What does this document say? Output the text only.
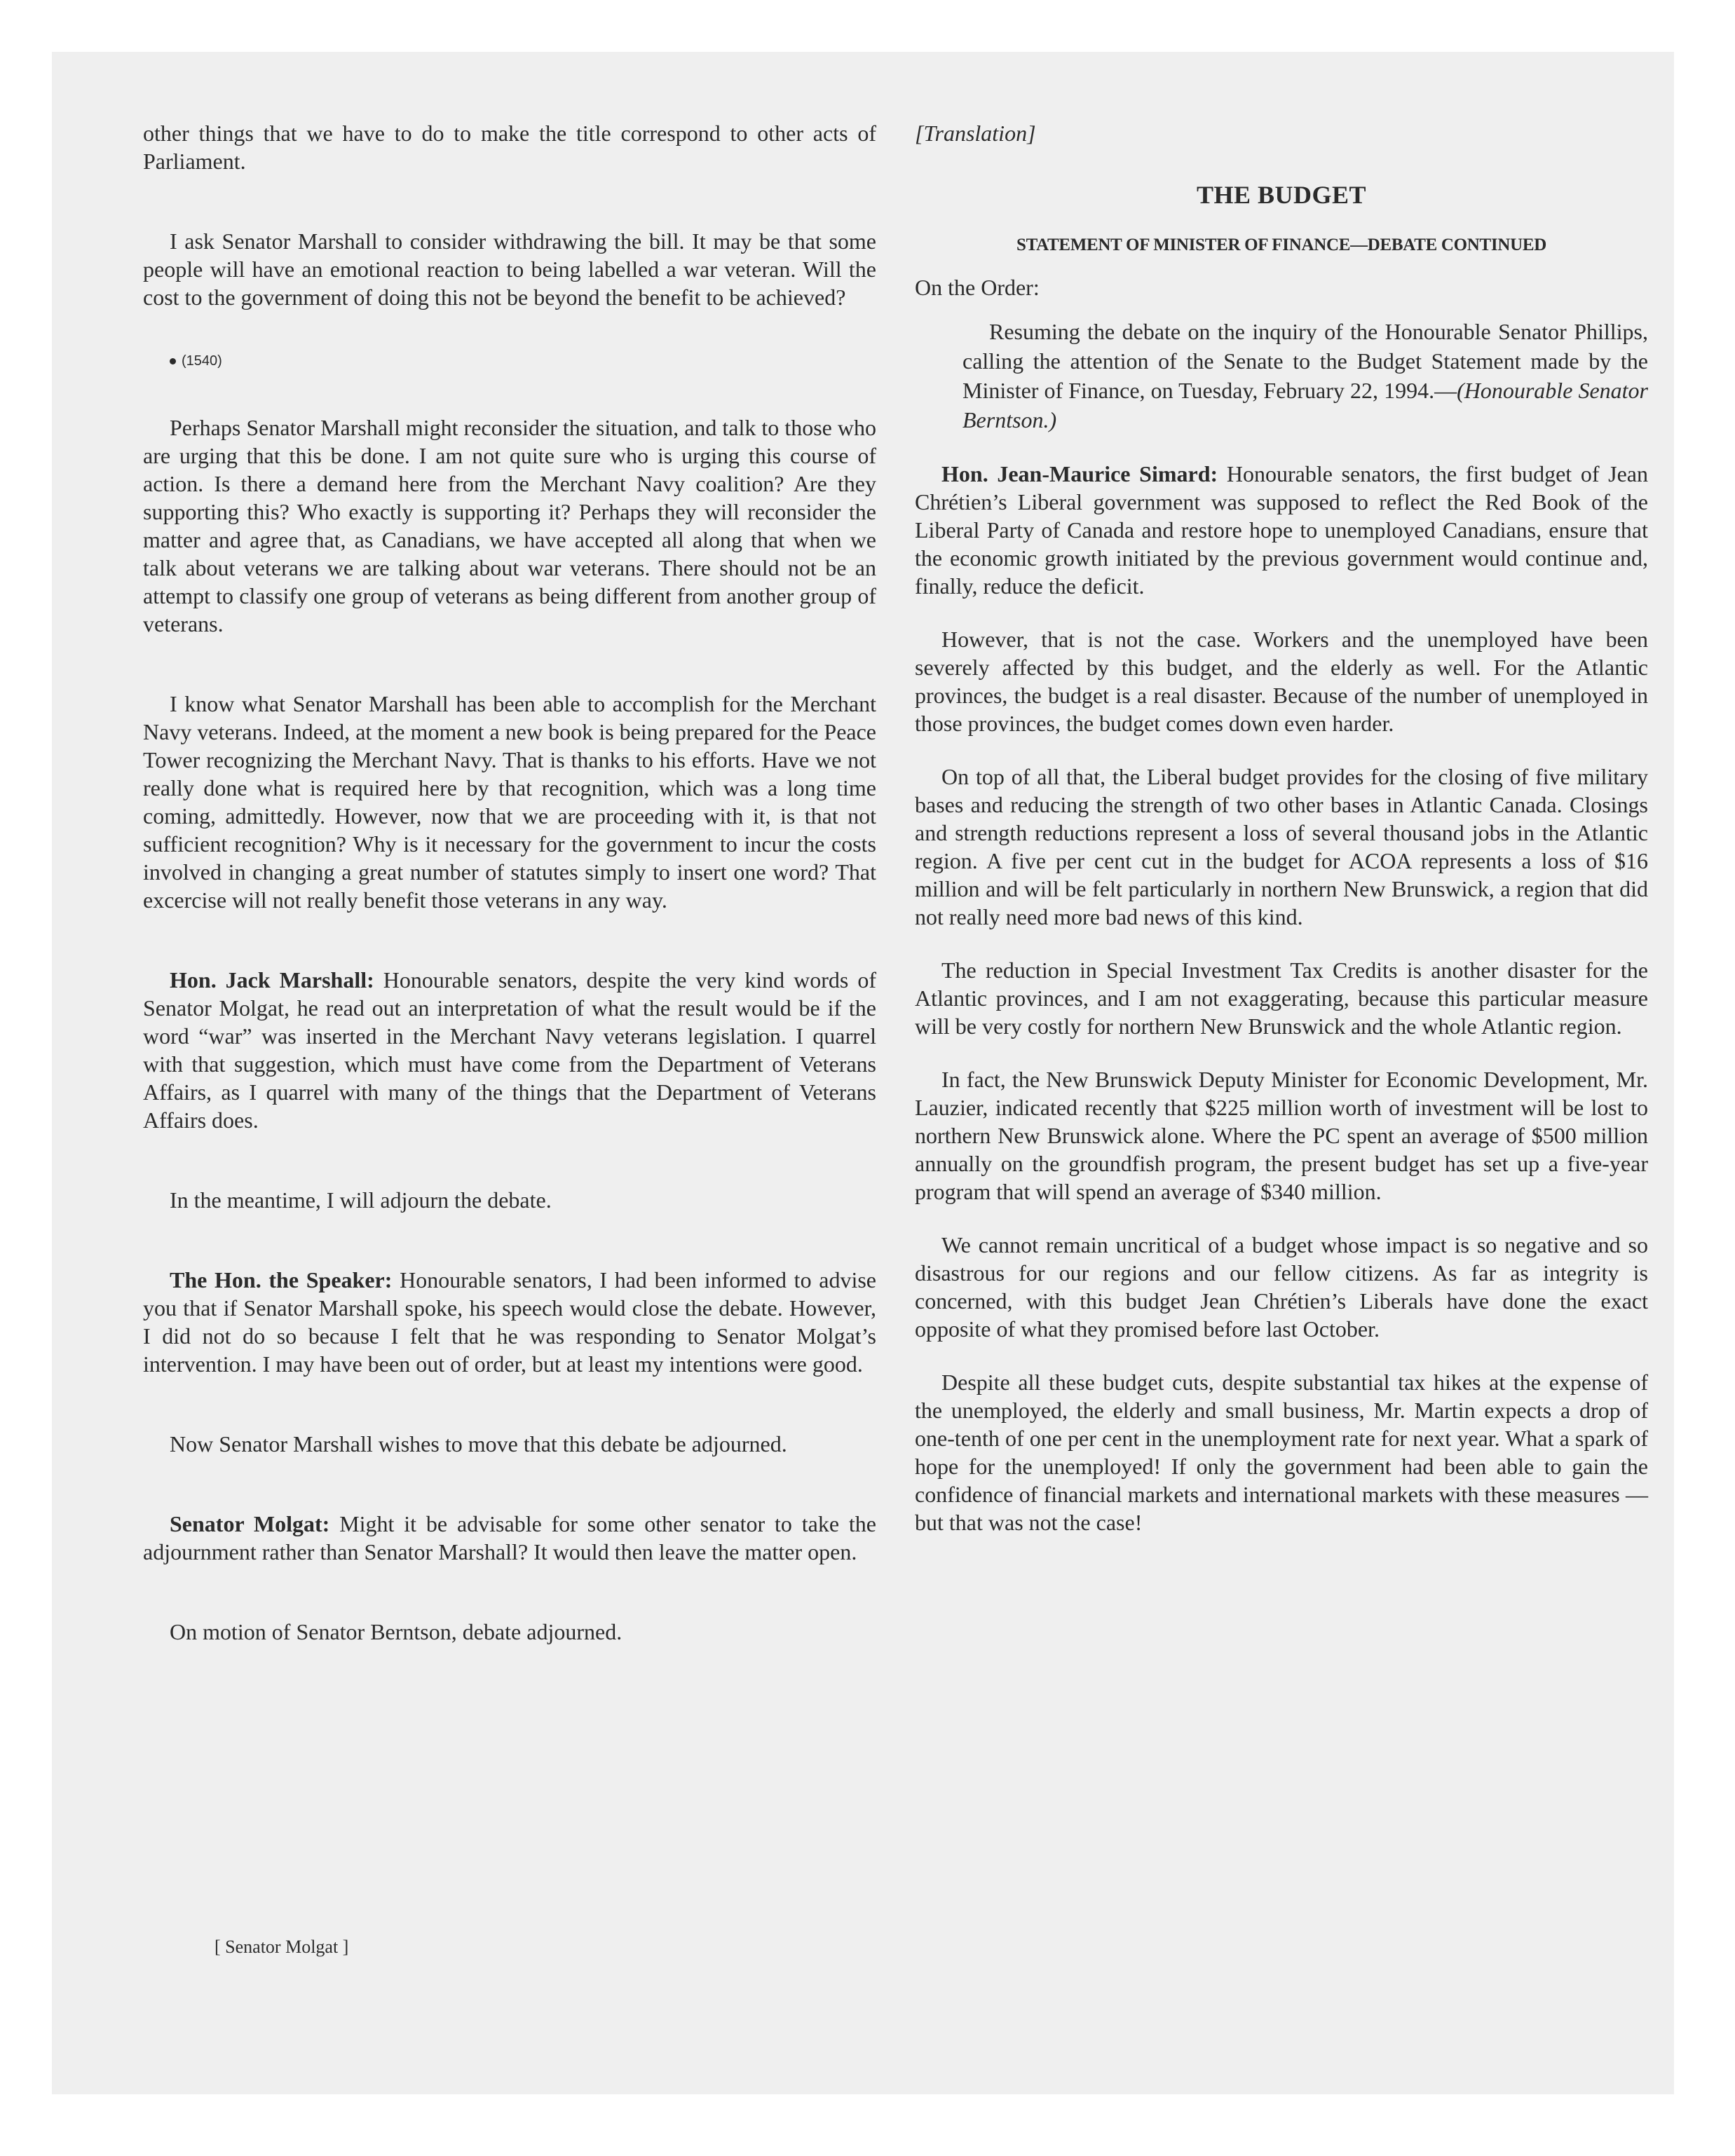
other things that we have to do to make the title correspond to other acts of Parliament.

I ask Senator Marshall to consider withdrawing the bill. It may be that some people will have an emotional reaction to being labelled a war veteran. Will the cost to the government of doing this not be beyond the benefit to be achieved?

(1540)

Perhaps Senator Marshall might reconsider the situation, and talk to those who are urging that this be done. I am not quite sure who is urging this course of action. Is there a demand here from the Merchant Navy coalition? Are they supporting this? Who exactly is supporting it? Perhaps they will reconsider the matter and agree that, as Canadians, we have accepted all along that when we talk about veterans we are talking about war veterans. There should not be an attempt to classify one group of veterans as being different from another group of veterans.

I know what Senator Marshall has been able to accomplish for the Merchant Navy veterans. Indeed, at the moment a new book is being prepared for the Peace Tower recognizing the Merchant Navy. That is thanks to his efforts. Have we not really done what is required here by that recognition, which was a long time coming, admittedly. However, now that we are proceeding with it, is that not sufficient recognition? Why is it necessary for the government to incur the costs involved in changing a great number of statutes simply to insert one word? That excercise will not really benefit those veterans in any way.

Hon. Jack Marshall: Honourable senators, despite the very kind words of Senator Molgat, he read out an interpretation of what the result would be if the word “war” was inserted in the Merchant Navy veterans legislation. I quarrel with that suggestion, which must have come from the Department of Veterans Affairs, as I quarrel with many of the things that the Department of Veterans Affairs does.

In the meantime, I will adjourn the debate.

The Hon. the Speaker: Honourable senators, I had been informed to advise you that if Senator Marshall spoke, his speech would close the debate. However, I did not do so because I felt that he was responding to Senator Molgat’s intervention. I may have been out of order, but at least my intentions were good.

Now Senator Marshall wishes to move that this debate be adjourned.

Senator Molgat: Might it be advisable for some other senator to take the adjournment rather than Senator Marshall? It would then leave the matter open.

On motion of Senator Berntson, debate adjourned.

[Translation]
THE BUDGET
STATEMENT OF MINISTER OF FINANCE—DEBATE CONTINUED
On the Order:
Resuming the debate on the inquiry of the Honourable Senator Phillips, calling the attention of the Senate to the Budget Statement made by the Minister of Finance, on Tuesday, February 22, 1994.—(Honourable Senator Berntson.)

Hon. Jean-Maurice Simard: Honourable senators, the first budget of Jean Chrétien’s Liberal government was supposed to reflect the Red Book of the Liberal Party of Canada and restore hope to unemployed Canadians, ensure that the economic growth initiated by the previous government would continue and, finally, reduce the deficit.

However, that is not the case. Workers and the unemployed have been severely affected by this budget, and the elderly as well. For the Atlantic provinces, the budget is a real disaster. Because of the number of unemployed in those provinces, the budget comes down even harder.

On top of all that, the Liberal budget provides for the closing of five military bases and reducing the strength of two other bases in Atlantic Canada. Closings and strength reductions represent a loss of several thousand jobs in the Atlantic region. A five per cent cut in the budget for ACOA represents a loss of $16 million and will be felt particularly in northern New Brunswick, a region that did not really need more bad news of this kind.

The reduction in Special Investment Tax Credits is another disaster for the Atlantic provinces, and I am not exaggerating, because this particular measure will be very costly for northern New Brunswick and the whole Atlantic region.

In fact, the New Brunswick Deputy Minister for Economic Development, Mr. Lauzier, indicated recently that $225 million worth of investment will be lost to northern New Brunswick alone. Where the PC spent an average of $500 million annually on the groundfish program, the present budget has set up a five-year program that will spend an average of $340 million.

We cannot remain uncritical of a budget whose impact is so negative and so disastrous for our regions and our fellow citizens. As far as integrity is concerned, with this budget Jean Chrétien’s Liberals have done the exact opposite of what they promised before last October.

Despite all these budget cuts, despite substantial tax hikes at the expense of the unemployed, the elderly and small business, Mr. Martin expects a drop of one-tenth of one per cent in the unemployment rate for next year. What a spark of hope for the unemployed! If only the government had been able to gain the confidence of financial markets and international markets with these measures — but that was not the case!

[ Senator Molgat ]
